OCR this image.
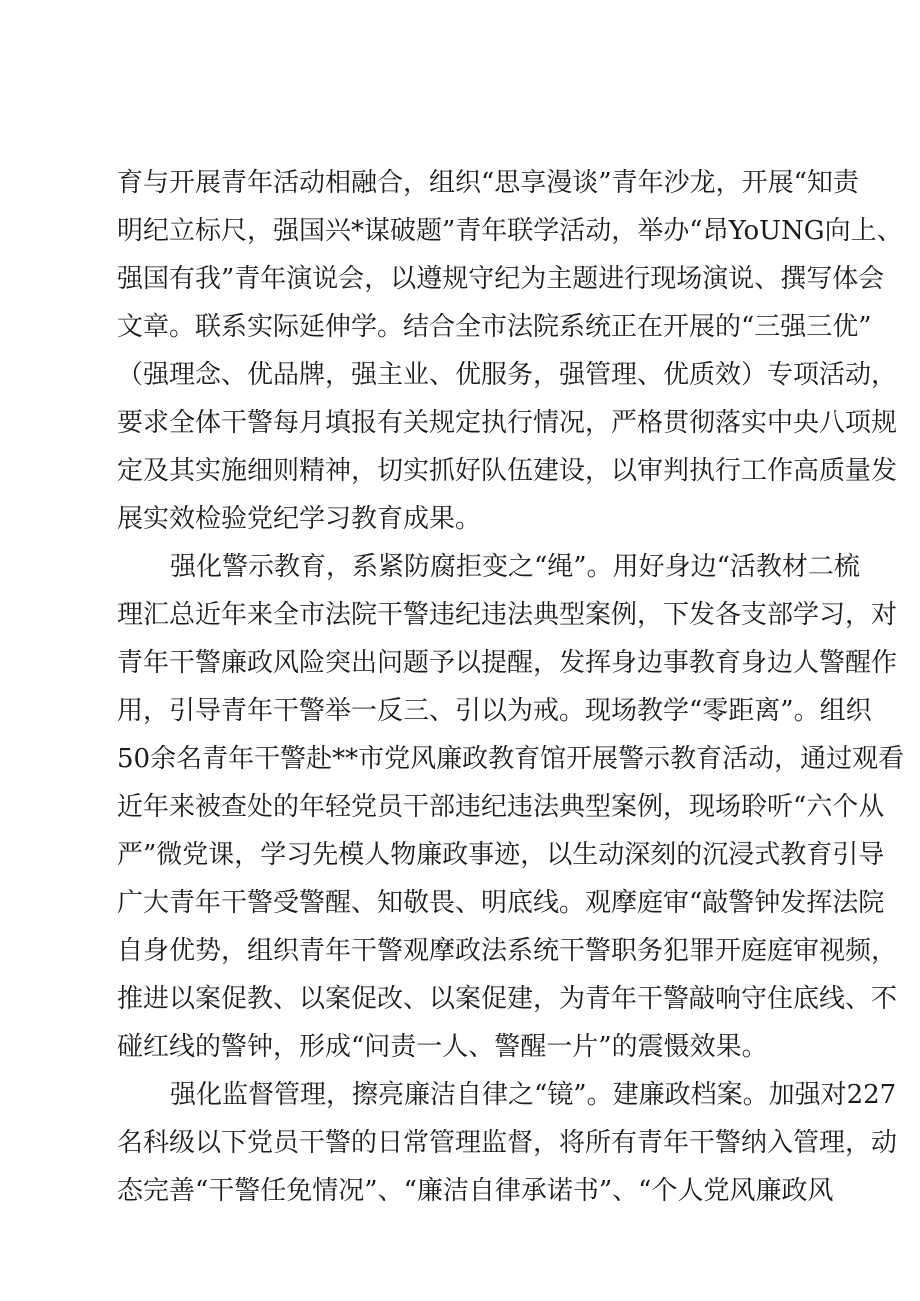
育与开展青年活动相融合，组织“思享漫谈”青年沙龙，开展“知责
明纪立标尺，强国兴*谋破题”青年联学活动，举办“昂YoUNG向上、
强国有我”青年演说会，以遵规守纪为主题进行现场演说、撰写体会
文章。联系实际延伸学。结合全市法院系统正在开展的“三强三优”
（强理念、优品牌，强主业、优服务，强管理、优质效）专项活动，
要求全体干警每月填报有关规定执行情况，严格贯彻落实中央八项规
定及其实施细则精神，切实抓好队伍建设，以审判执行工作高质量发
展实效检验党纪学习教育成果。
强化警示教育，系紧防腐拒变之“绳”。用好身边“活教材二梳
理汇总近年来全市法院干警违纪违法典型案例，下发各支部学习，对
青年干警廉政风险突出问题予以提醒，发挥身边事教育身边人警醒作
用，引导青年干警举一反三、引以为戒。现场教学“零距离”。组织
50余名青年干警赴**市党风廉政教育馆开展警示教育活动，通过观看
近年来被查处的年轻党员干部违纪违法典型案例，现场聆听“六个从
严”微党课，学习先模人物廉政事迹，以生动深刻的沉浸式教育引导
广大青年干警受警醒、知敬畏、明底线。观摩庭审“敲警钟发挥法院
自身优势，组织青年干警观摩政法系统干警职务犯罪开庭庭审视频，
推进以案促教、以案促改、以案促建，为青年干警敲响守住底线、不
碰红线的警钟，形成“问责一人、警醒一片”的震慑效果。
强化监督管理，擦亮廉洁自律之“镜”。建廉政档案。加强对227
名科级以下党员干警的日常管理监督，将所有青年干警纳入管理，动
态完善“干警任免情况”、“廉洁自律承诺书”、“个人党风廉政风
